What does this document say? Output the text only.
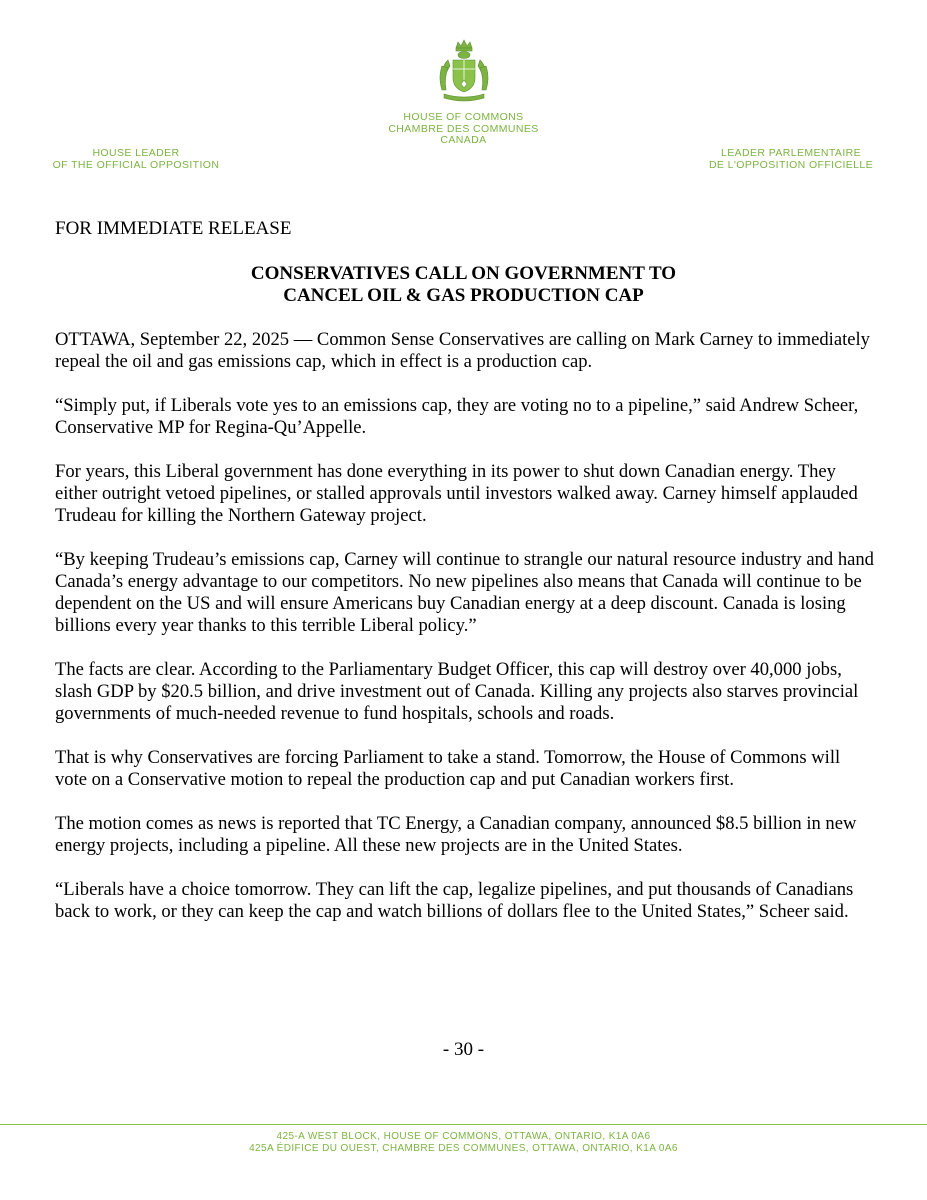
HOUSE OF COMMONS
CHAMBRE DES COMMUNES
CANADA
HOUSE LEADER
OF THE OFFICIAL OPPOSITION
LEADER PARLEMENTAIRE
DE L'OPPOSITION OFFICIELLE
FOR IMMEDIATE RELEASE
CONSERVATIVES CALL ON GOVERNMENT TO
CANCEL OIL & GAS PRODUCTION CAP

OTTAWA, September 22, 2025 — Common Sense Conservatives are calling on Mark Carney to immediately repeal the oil and gas emissions cap, which in effect is a production cap.

“Simply put, if Liberals vote yes to an emissions cap, they are voting no to a pipeline,” said Andrew Scheer, Conservative MP for Regina-Qu’Appelle.

For years, this Liberal government has done everything in its power to shut down Canadian energy. They either outright vetoed pipelines, or stalled approvals until investors walked away. Carney himself applauded Trudeau for killing the Northern Gateway project.

“By keeping Trudeau’s emissions cap, Carney will continue to strangle our natural resource industry and hand Canada’s energy advantage to our competitors. No new pipelines also means that Canada will continue to be dependent on the US and will ensure Americans buy Canadian energy at a deep discount. Canada is losing billions every year thanks to this terrible Liberal policy.”

The facts are clear. According to the Parliamentary Budget Officer, this cap will destroy over 40,000 jobs, slash GDP by $20.5 billion, and drive investment out of Canada. Killing any projects also starves provincial governments of much-needed revenue to fund hospitals, schools and roads.

That is why Conservatives are forcing Parliament to take a stand. Tomorrow, the House of Commons will vote on a Conservative motion to repeal the production cap and put Canadian workers first.

The motion comes as news is reported that TC Energy, a Canadian company, announced $8.5 billion in new energy projects, including a pipeline. All these new projects are in the United States.

“Liberals have a choice tomorrow. They can lift the cap, legalize pipelines, and put thousands of Canadians back to work, or they can keep the cap and watch billions of dollars flee to the United States,” Scheer said.

- 30 -
425-A WEST BLOCK, HOUSE OF COMMONS, OTTAWA, ONTARIO, K1A 0A6
425A ÉDIFICE DU OUEST, CHAMBRE DES COMMUNES, OTTAWA, ONTARIO, K1A 0A6
